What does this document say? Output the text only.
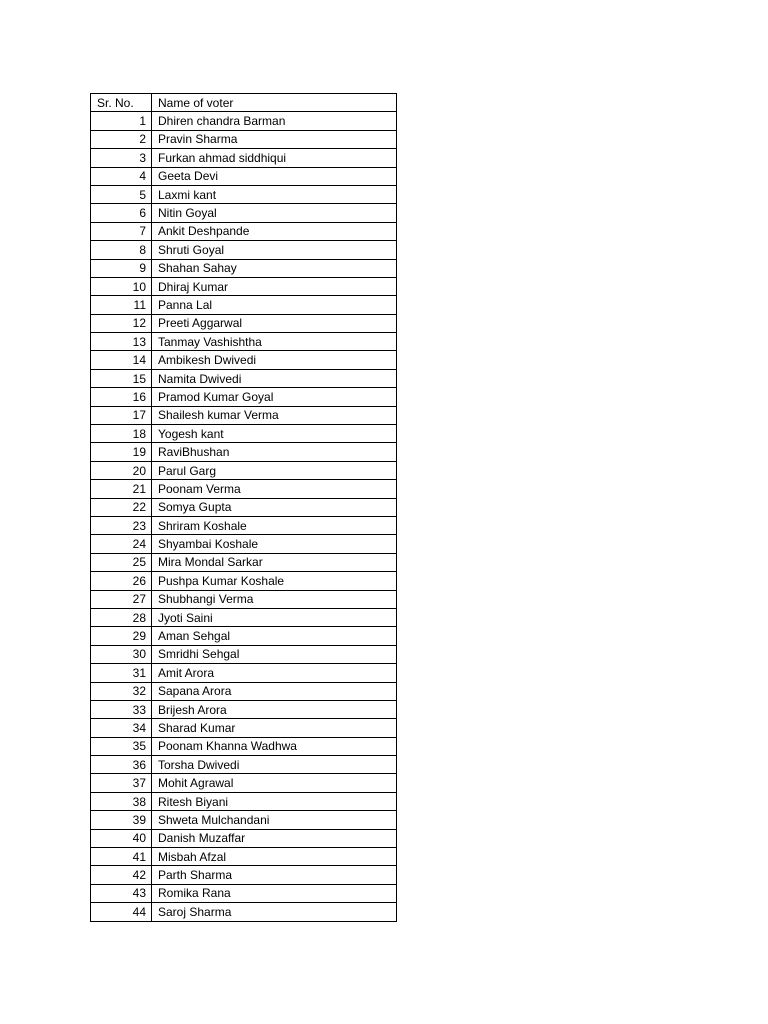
Sr. No.	Name of voter
1	Dhiren chandra Barman
2	Pravin Sharma
3	Furkan ahmad siddhiqui
4	Geeta Devi
5	Laxmi kant
6	Nitin Goyal
7	Ankit Deshpande
8	Shruti Goyal
9	Shahan Sahay
10	Dhiraj Kumar
11	Panna Lal
12	Preeti Aggarwal
13	Tanmay Vashishtha
14	Ambikesh Dwivedi
15	Namita Dwivedi
16	Pramod Kumar Goyal
17	Shailesh kumar Verma
18	Yogesh kant
19	RaviBhushan
20	Parul Garg
21	Poonam Verma
22	Somya Gupta
23	Shriram Koshale
24	Shyambai Koshale
25	Mira Mondal Sarkar
26	Pushpa Kumar Koshale
27	Shubhangi Verma
28	Jyoti Saini
29	Aman Sehgal
30	Smridhi Sehgal
31	Amit Arora
32	Sapana Arora
33	Brijesh Arora
34	Sharad Kumar
35	Poonam Khanna Wadhwa
36	Torsha Dwivedi
37	Mohit Agrawal
38	Ritesh Biyani
39	Shweta Mulchandani
40	Danish Muzaffar
41	Misbah Afzal
42	Parth Sharma
43	Romika Rana
44	Saroj Sharma
